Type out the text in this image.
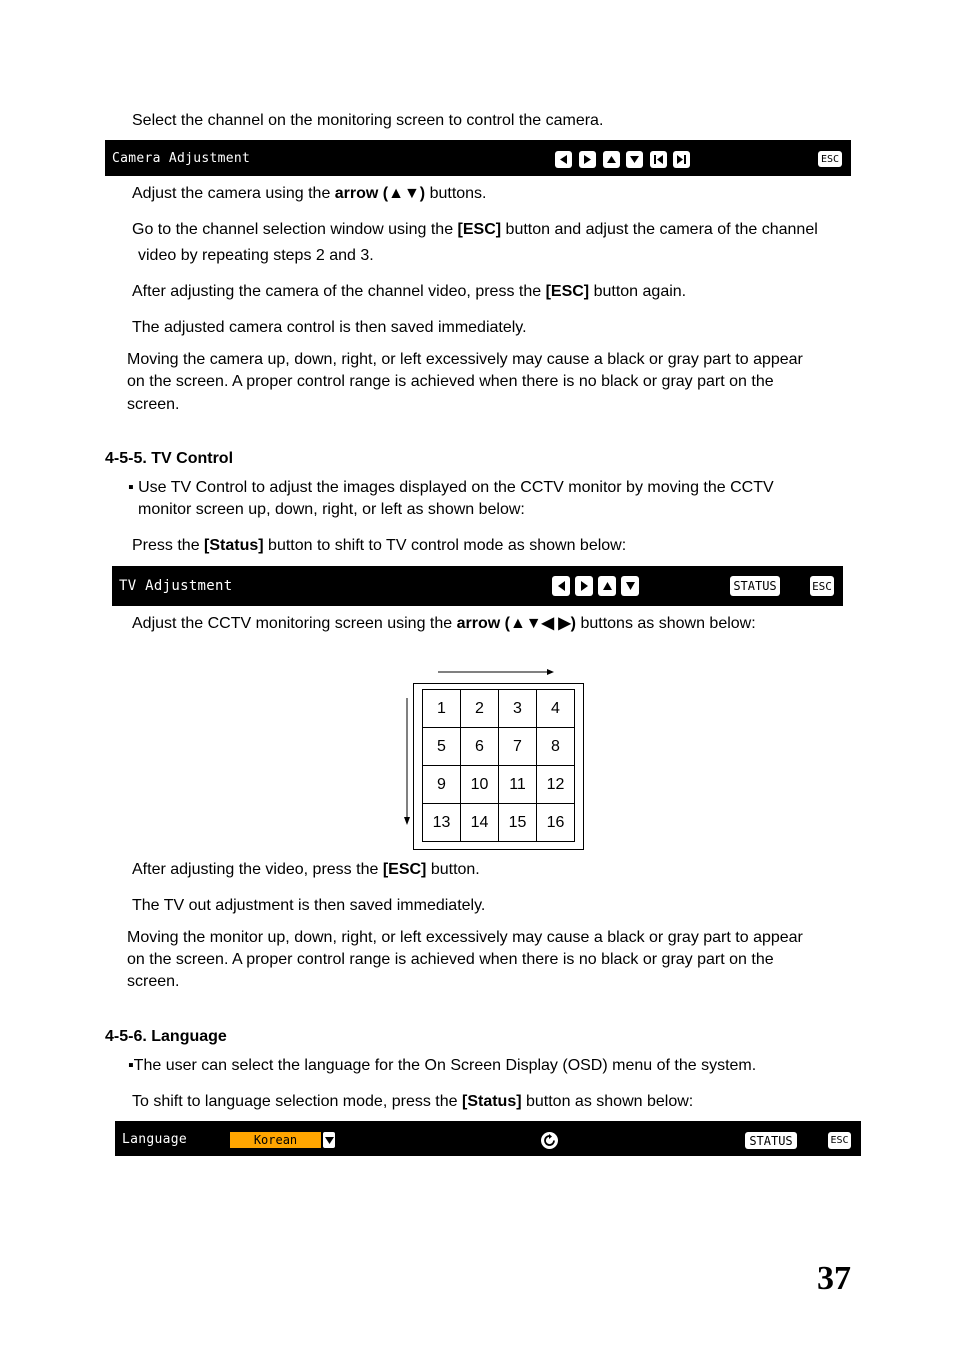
Select the channel on the monitoring screen to control the camera.
Camera Adjustment	ESC
Adjust the camera using the arrow (▲▼) buttons.
Go to the channel selection window using the [ESC] button and adjust the camera of the channel
video by repeating steps 2 and 3.
After adjusting the camera of the channel video, press the [ESC] button again.
The adjusted camera control is then saved immediately.
Moving the camera up, down, right, or left excessively may cause a black or gray part to appear
on the screen. A proper control range is achieved when there is no black or gray part on the
screen.
4-5-5. TV Control
▪ Use TV Control to adjust the images displayed on the CCTV monitor by moving the CCTV
monitor screen up, down, right, or left as shown below:
Press the [Status] button to shift to TV control mode as shown below:
TV Adjustment	STATUS	ESC
Adjust the CCTV monitoring screen using the arrow (▲▼◀ ▶) buttons as shown below:
1	2	3	4
5	6	7	8
9	10	11	12
13	14	15	16
After adjusting the video, press the [ESC] button.
The TV out adjustment is then saved immediately.
Moving the monitor up, down, right, or left excessively may cause a black or gray part to appear
on the screen. A proper control range is achieved when there is no black or gray part on the
screen.
4-5-6. Language
▪The user can select the language for the On Screen Display (OSD) menu of the system.
To shift to language selection mode, press the [Status] button as shown below:
Language	Korean	STATUS	ESC
37
